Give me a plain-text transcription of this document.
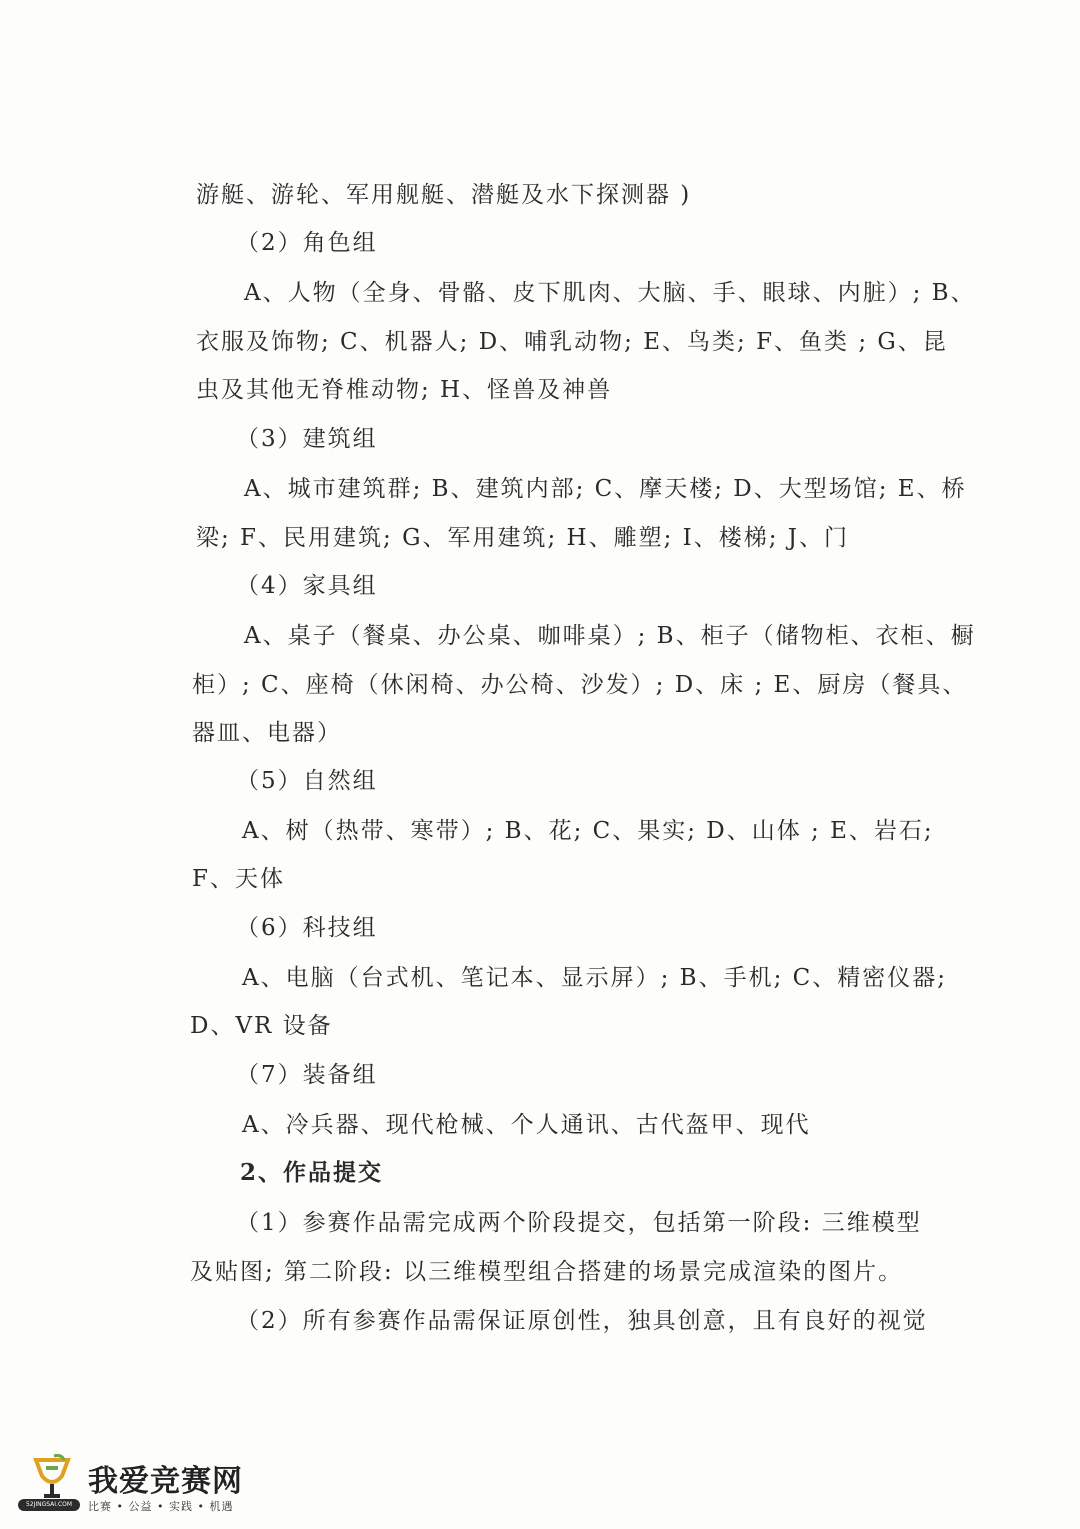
游艇、游轮、军用舰艇、潜艇及水下探测器 )
（2）角色组
A、人物（全身、骨骼、皮下肌肉、大脑、手、眼球、内脏）; B、
衣服及饰物; C、机器人; D、哺乳动物; E、鸟类; F、鱼类 ; G、昆
虫及其他无脊椎动物; H、怪兽及神兽
（3）建筑组
A、城市建筑群; B、建筑内部; C、摩天楼; D、大型场馆; E、桥
梁; F、民用建筑; G、军用建筑; H、雕塑; I、楼梯; J、门
（4）家具组
A、桌子（餐桌、办公桌、咖啡桌）; B、柜子（储物柜、衣柜、橱
柜）; C、座椅（休闲椅、办公椅、沙发）; D、床 ; E、厨房（餐具、
器皿、电器）
（5）自然组
A、树（热带、寒带）; B、花; C、果实; D、山体 ; E、岩石;
F、天体
（6）科技组
A、电脑（台式机、笔记本、显示屏）; B、手机; C、精密仪器;
D、VR 设备
（7）装备组
A、冷兵器、现代枪械、个人通讯、古代盔甲、现代
2、作品提交
（1）参赛作品需完成两个阶段提交，包括第一阶段: 三维模型
及贴图; 第二阶段: 以三维模型组合搭建的场景完成渲染的图片。
（2）所有参赛作品需保证原创性，独具创意，且有良好的视觉
52JINGSAI.COM
我爱竞赛网
比赛 • 公益 • 实践 • 机遇
